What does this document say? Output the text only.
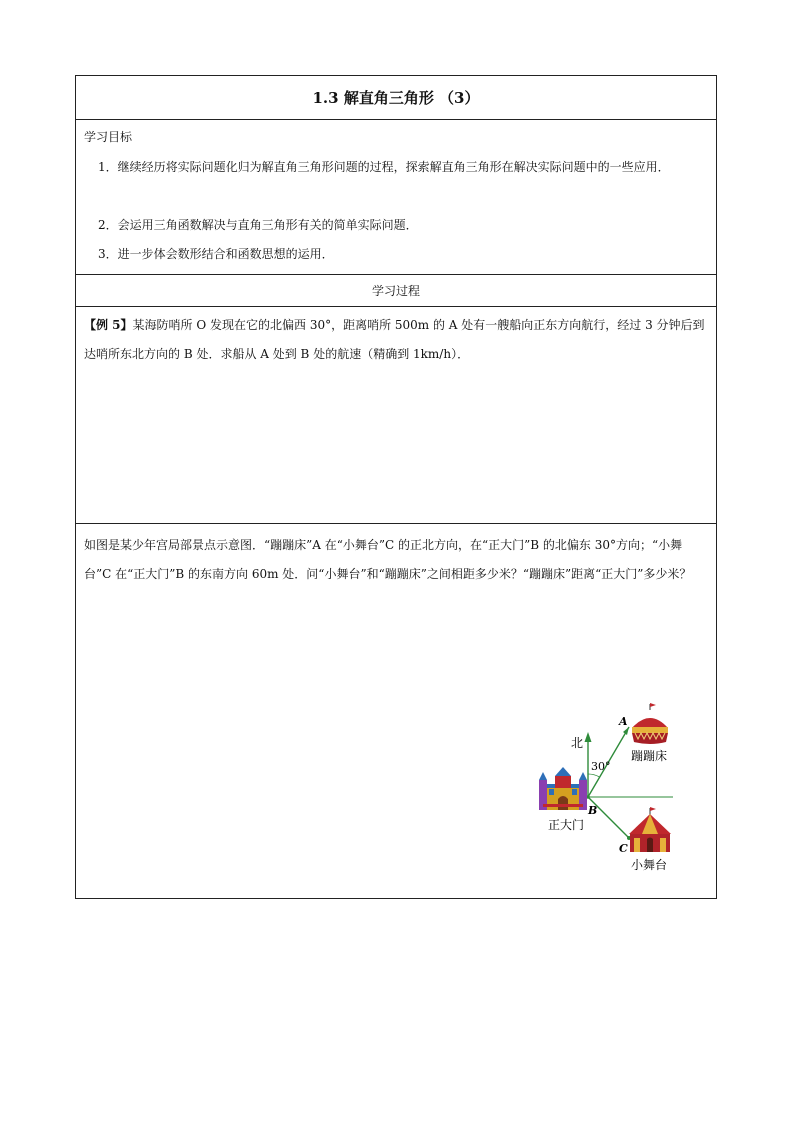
1.3 解直角三角形 （3）
学习目标
1．继续经历将实际问题化归为解直角三角形问题的过程，探索解直角三角形在解决实际问题中的一些应用．
2．会运用三角函数解决与直角三角形有关的简单实际问题．
3．进一步体会数形结合和函数思想的运用．
学习过程
【例 5】某海防哨所 O 发现在它的北偏西 30°，距离哨所 500m 的 A 处有一艘船向正东方向航行，经过 3 分钟后到达哨所东北方向的 B 处．求船从 A 处到 B 处的航速（精确到 1km/h）．
如图是某少年宫局部景点示意图．“蹦蹦床”A 在“小舞台”C 的正北方向，在“正大门”B 的北偏东 30°方向；“小舞台”C 在“正大门”B 的东南方向 60m 处．问“小舞台”和“蹦蹦床”之间相距多少米？“蹦蹦床”距离“正大门”多少米？
北
30°
A
B
C
蹦蹦床
正大门
小舞台
